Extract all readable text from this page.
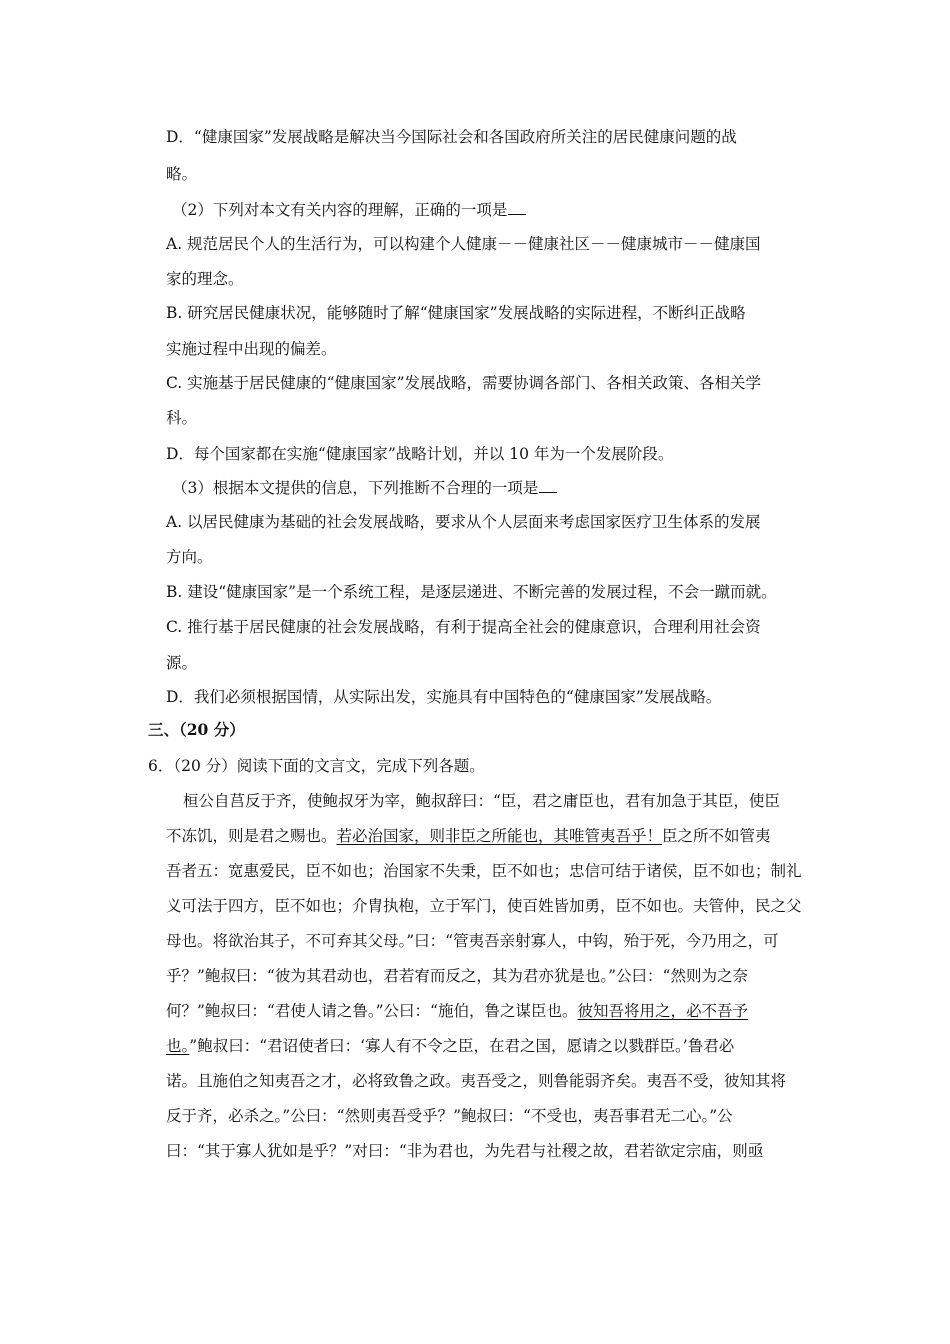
D．“健康国家”发展战略是解决当今国际社会和各国政府所关注的居民健康问题的战
略。
（2）下列对本文有关内容的理解，正确的一项是
A. 规范居民个人的生活行为，可以构建个人健康－－健康社区－－健康城市－－健康国
家的理念。
B. 研究居民健康状况，能够随时了解“健康国家”发展战略的实际进程，不断纠正战略
实施过程中出现的偏差。
C. 实施基于居民健康的“健康国家”发展战略，需要协调各部门、各相关政策、各相关学
科。
D．每个国家都在实施“健康国家”战略计划，并以 10 年为一个发展阶段。
（3）根据本文提供的信息，下列推断不合理的一项是
A. 以居民健康为基础的社会发展战略，要求从个人层面来考虑国家医疗卫生体系的发展
方向。
B. 建设“健康国家”是一个系统工程，是逐层递进、不断完善的发展过程，不会一蹴而就。
C. 推行基于居民健康的社会发展战略，有利于提高全社会的健康意识，合理利用社会资
源。
D．我们必须根据国情，从实际出发，实施具有中国特色的“健康国家”发展战略。
三、（20 分）
6．（20 分）阅读下面的文言文，完成下列各题。
桓公自莒反于齐，使鲍叔牙为宰，鲍叔辞曰：“臣，君之庸臣也，君有加急于其臣，使臣
不冻饥，则是君之赐也。若必治国家，则非臣之所能也，其唯管夷吾乎！臣之所不如管夷
吾者五：宽惠爱民，臣不如也；治国家不失秉，臣不如也；忠信可结于诸侯，臣不如也；制礼
义可法于四方，臣不如也；介胄执枹，立于军门，使百姓皆加勇，臣不如也。夫管仲，民之父
母也。将欲治其子，不可弃其父母。”曰：“管夷吾亲射寡人，中钩，殆于死，今乃用之，可
乎？”鲍叔曰：“彼为其君动也，君若宥而反之，其为君亦犹是也。”公曰：“然则为之奈
何？”鲍叔曰：“君使人请之鲁。”公曰：“施伯，鲁之谋臣也。彼知吾将用之，必不吾予
也。”鲍叔曰：“君诏使者曰：‘寡人有不令之臣，在君之国，愿请之以戮群臣。’鲁君必
诺。且施伯之知夷吾之才，必将致鲁之政。夷吾受之，则鲁能弱齐矣。夷吾不受，彼知其将
反于齐，必杀之。”公曰：“然则夷吾受乎？”鲍叔曰：“不受也，夷吾事君无二心。”公
曰：“其于寡人犹如是乎？”对曰：“非为君也，为先君与社稷之故，君若欲定宗庙，则亟
